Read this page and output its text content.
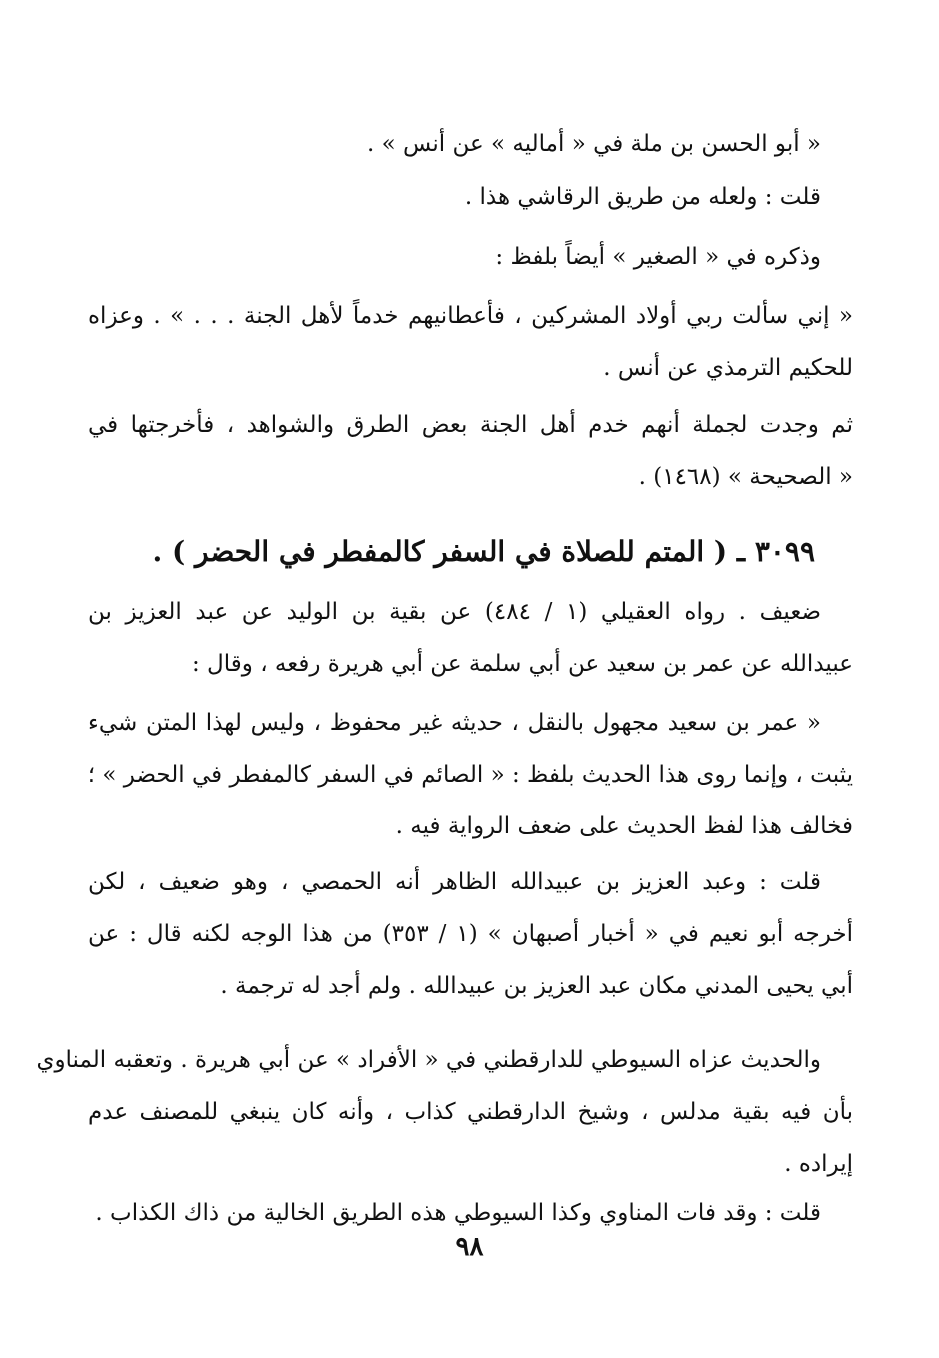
« أبو الحسن بن ملة في « أماليه » عن أنس » .
قلت : ولعله من طريق الرقاشي هذا .
وذكره في « الصغير » أيضاً بلفظ :
« إني سألت ربي أولاد المشركين ، فأعطانيهم خدماً لأهل الجنة . . . » . وعزاه
للحكيم الترمذي عن أنس .
ثم وجدت لجملة أنهم خدم أهل الجنة بعض الطرق والشواهد ، فأخرجتها في
« الصحيحة » (١٤٦٨) .
٣٠٩٩ ـ ( المتم للصلاة في السفر كالمفطر في الحضر ) .
ضعيف . رواه العقيلي (١ / ٤٨٤) عن بقية بن الوليد عن عبد العزيز بن
عبيدالله عن عمر بن سعيد عن أبي سلمة عن أبي هريرة رفعه ، وقال :
« عمر بن سعيد مجهول بالنقل ، حديثه غير محفوظ ، وليس لهذا المتن شيء
يثبت ، وإنما روى هذا الحديث بلفظ : « الصائم في السفر كالمفطر في الحضر » ؛
فخالف هذا لفظ الحديث على ضعف الرواية فيه .
قلت : وعبد العزيز بن عبيدالله الظاهر أنه الحمصي ، وهو ضعيف ، لكن
أخرجه أبو نعيم في « أخبار أصبهان » (١ / ٣٥٣) من هذا الوجه لكنه قال : عن
أبي يحيى المدني مكان عبد العزيز بن عبيدالله . ولم أجد له ترجمة .
والحديث عزاه السيوطي للدارقطني في « الأفراد » عن أبي هريرة . وتعقبه المناوي
بأن فيه بقية مدلس ، وشيخ الدارقطني كذاب ، وأنه كان ينبغي للمصنف عدم
إيراده .
قلت : وقد فات المناوي وكذا السيوطي هذه الطريق الخالية من ذاك الكذاب .
٩٨
